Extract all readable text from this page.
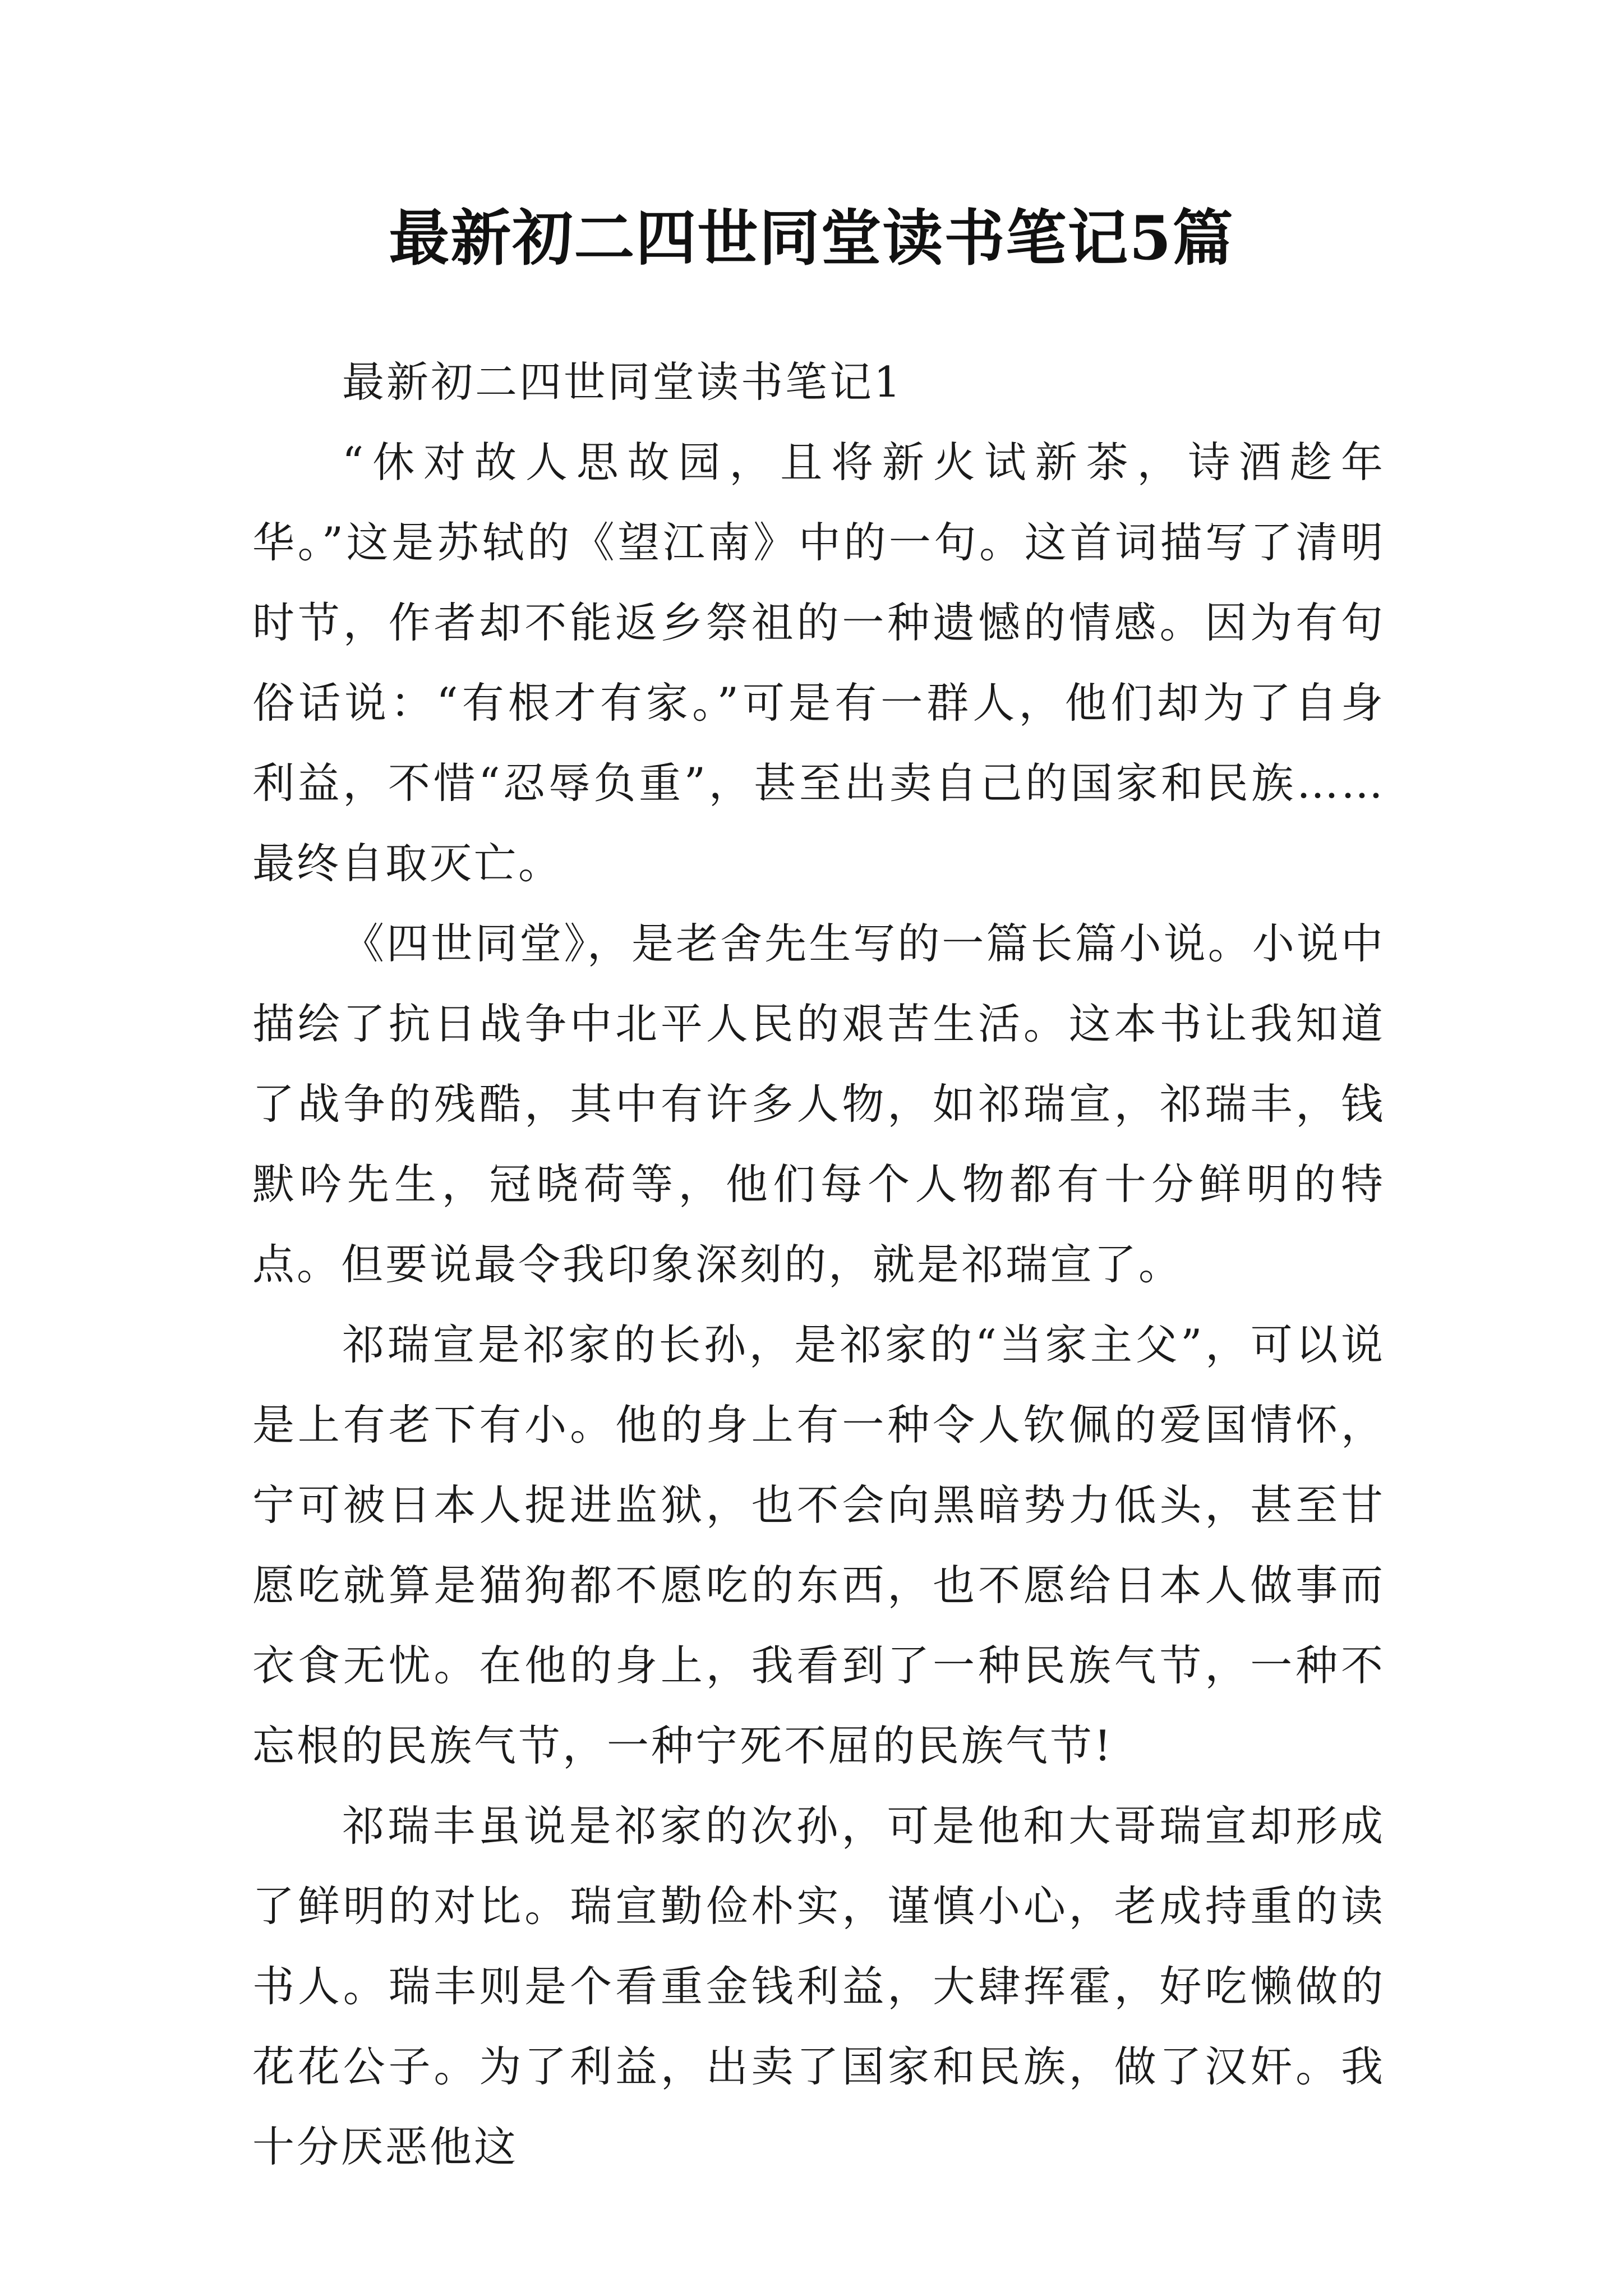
最新初二四世同堂读书笔记5篇

最新初二四世同堂读书笔记1

“休对故人思故园，且将新火试新茶，诗酒趁年华。”这是苏轼的《望江南》中的一句。这首词描写了清明时节，作者却不能返乡祭祖的一种遗憾的情感。因为有句俗话说：“有根才有家。”可是有一群人，他们却为了自身利益，不惜“忍辱负重”，甚至出卖自己的国家和民族……最终自取灭亡。

《四世同堂》，是老舍先生写的一篇长篇小说。小说中描绘了抗日战争中北平人民的艰苦生活。这本书让我知道了战争的残酷，其中有许多人物，如祁瑞宣，祁瑞丰，钱默吟先生，冠晓荷等，他们每个人物都有十分鲜明的特点。但要说最令我印象深刻的，就是祁瑞宣了。

祁瑞宣是祁家的长孙，是祁家的“当家主父”，可以说是上有老下有小。他的身上有一种令人钦佩的爱国情怀，宁可被日本人捉进监狱，也不会向黑暗势力低头，甚至甘愿吃就算是猫狗都不愿吃的东西，也不愿给日本人做事而衣食无忧。在他的身上，我看到了一种民族气节，一种不忘根的民族气节，一种宁死不屈的民族气节!

祁瑞丰虽说是祁家的次孙，可是他和大哥瑞宣却形成了鲜明的对比。瑞宣勤俭朴实，谨慎小心，老成持重的读书人。瑞丰则是个看重金钱利益，大肆挥霍，好吃懒做的花花公子。为了利益，出卖了国家和民族，做了汉奸。我十分厌恶他这
